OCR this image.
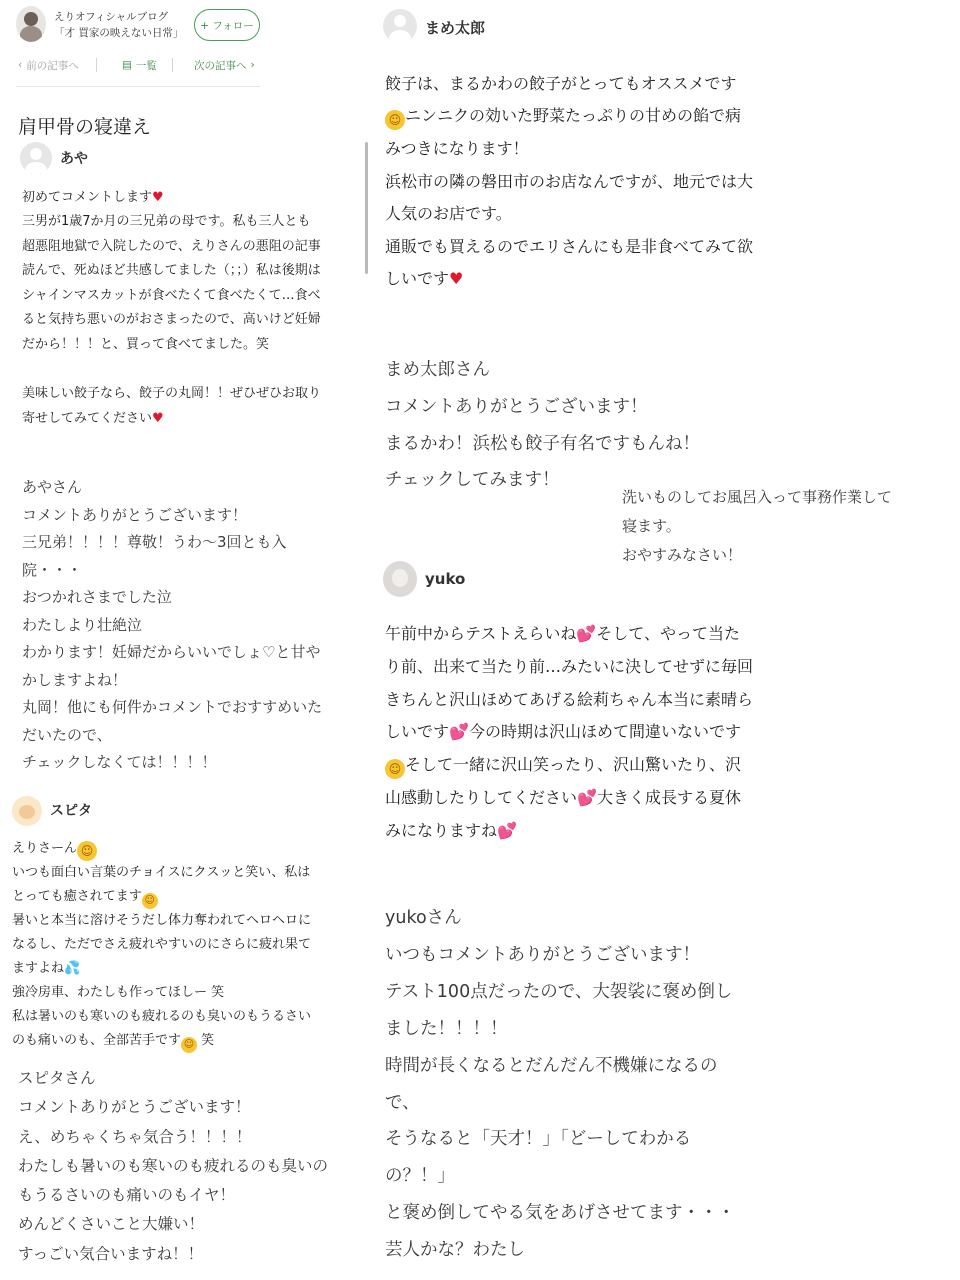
えりオフィシャルブログ「才 買家の映えない日常」
+ フォロー
‹ 前の記事へ	▤ 一覧	次の記事へ ›
肩甲骨の寝違え
あや
初めてコメントします♥
三男が1歳7か月の三兄弟の母です。私も三人とも
超悪阻地獄で入院したので、えりさんの悪阻の記事
読んで、死ぬほど共感してました（；；）私は後期は
シャインマスカットが食べたくて食べたくて…食べ
ると気持ち悪いのがおさまったので、高いけど妊婦
だから！！！と、買って食べてました。笑
美味しい餃子なら、餃子の丸岡！！ぜひぜひお取り
寄せしてみてください♥
あやさん
コメントありがとうございます！
三兄弟！！！！尊敬！うわ〜3回とも入
院・・・
おつかれさまでした泣
わたしより壮絶泣
わかります！妊婦だからいいでしょ♡と甘や
かしますよね！
丸岡！他にも何件かコメントでおすすめいた
だいたので、
チェックしなくては！！！！
スピタ
えりさーん ☺
いつも面白い言葉のチョイスにクスッと笑い、私は
とっても癒されてます ☺
暑いと本当に溶けそうだし体力奪われてヘロヘロに
なるし、ただでさえ疲れやすいのにさらに疲れ果て
ますよね💦
強冷房車、わたしも作ってほしー 笑
私は暑いのも寒いのも疲れるのも臭いのもうるさい
のも痛いのも、全部苦手です ☺ 笑
スピタさん
コメントありがとうございます！
え、めちゃくちゃ気合う！！！！
わたしも暑いのも寒いのも疲れるのも臭いの
もうるさいのも痛いのもイヤ！
めんどくさいこと大嫌い！
すっごい気合いますね！！
まめ太郎
餃子は、まるかわの餃子がとってもオススメです
☺ ニンニクの効いた野菜たっぷりの甘めの餡で病
みつきになります！
浜松市の隣の磐田市のお店なんですが、地元では大
人気のお店です。
通販でも買えるのでエリさんにも是非食べてみて欲
しいです♥
まめ太郎さん
コメントありがとうございます！
まるかわ！浜松も餃子有名ですもんね！
チェックしてみます！
洗いものしてお風呂入って事務作業して
寝ます。
おやすみなさい！
yuko
午前中からテストえらいね💕そして、やって当た
り前、出来て当たり前…みたいに決してせずに毎回
きちんと沢山ほめてあげる絵莉ちゃん本当に素晴ら
しいです💕今の時期は沢山ほめて間違いないです
☺ そして一緒に沢山笑ったり、沢山驚いたり、沢
山感動したりしてください💕大きく成長する夏休
みになりますね💕
yukoさん
いつもコメントありがとうございます！
テスト100点だったので、大袈裟に褒め倒し
ました！！！！
時間が長くなるとだんだん不機嫌になるの
で、
そうなると「天才！」「どーしてわかる
の？！」
と褒め倒してやる気をあげさせてます・・・
芸人かな？わたし
